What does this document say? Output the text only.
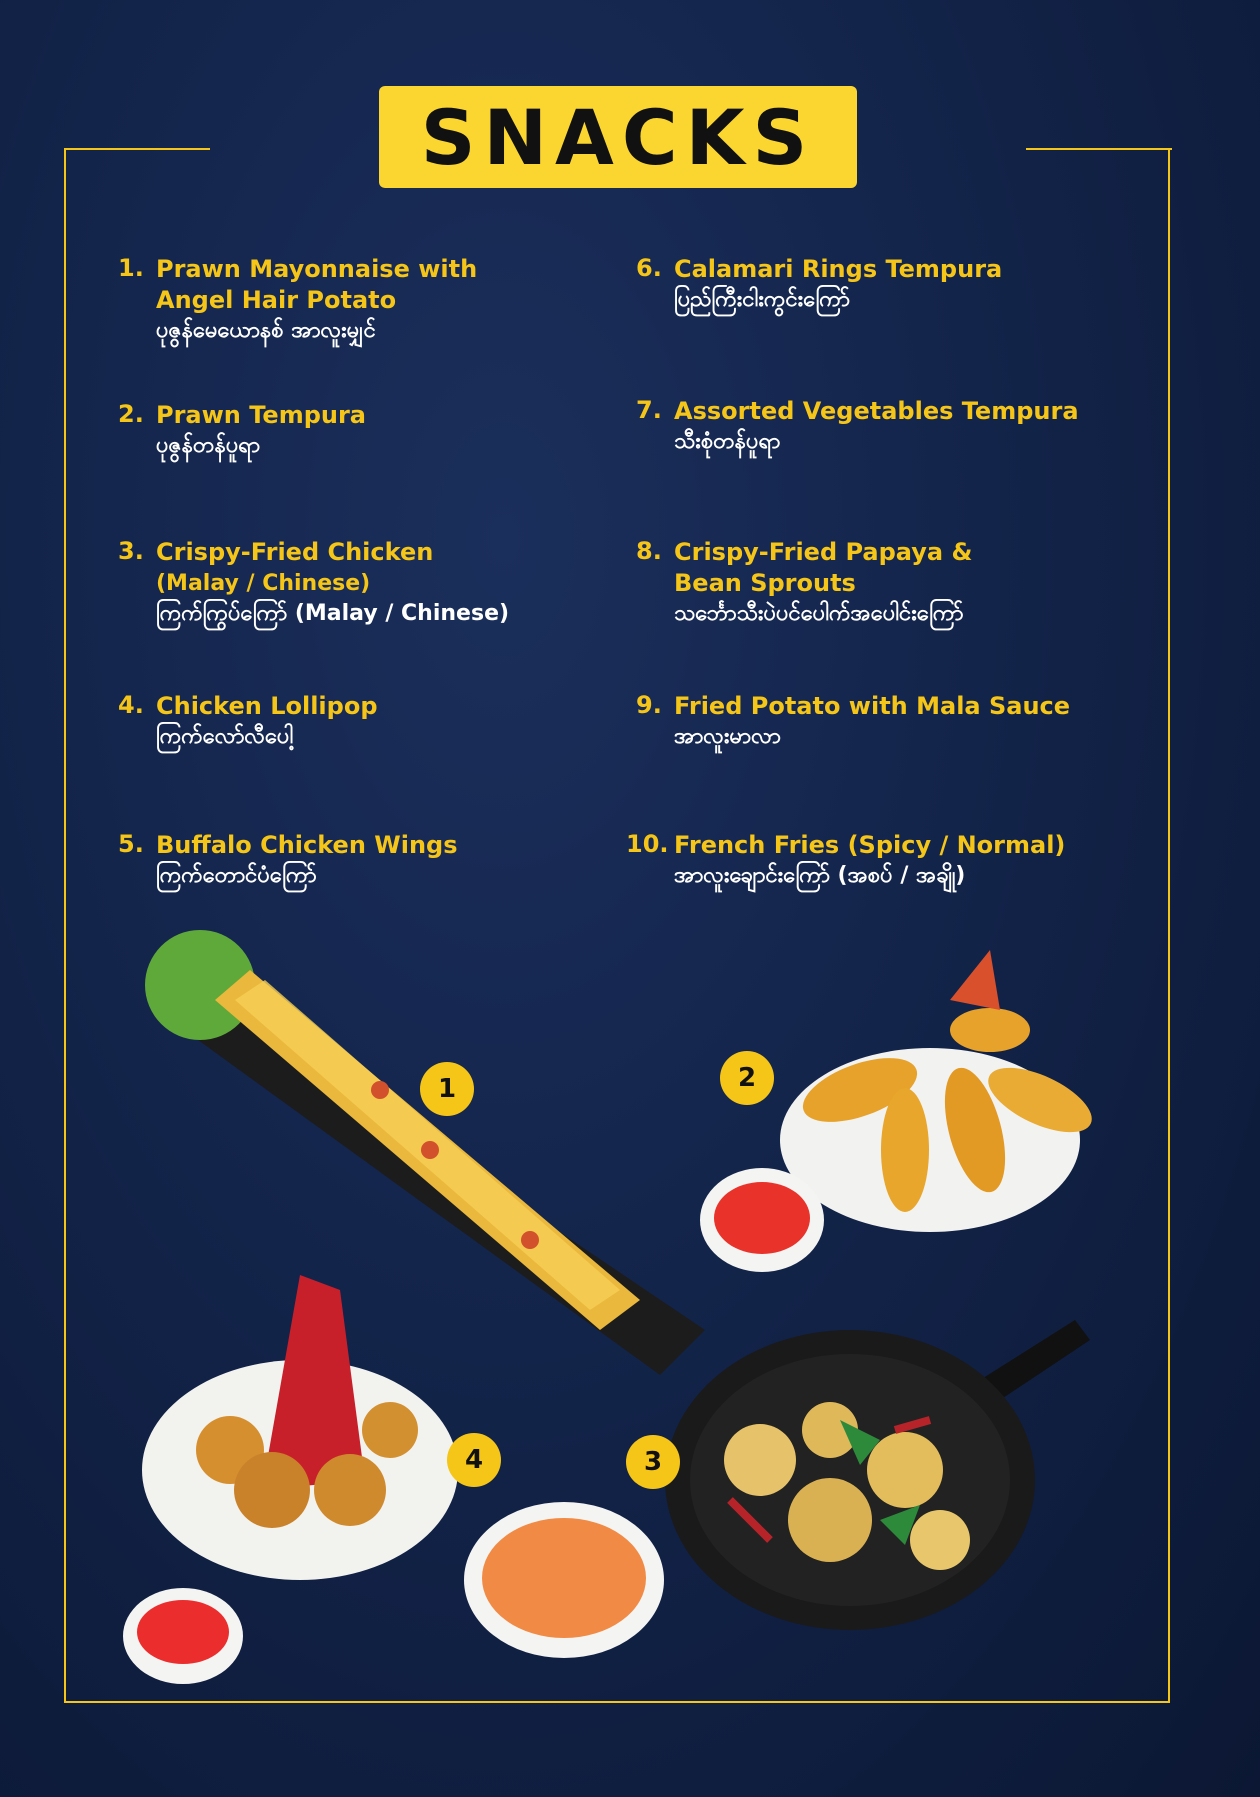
SNACKS
1. Prawn Mayonnaise with
Angel Hair Potato
ပုဇွန်မေယောနစ် အာလူးမျှင်
2. Prawn Tempura
ပုဇွန်တန်ပူရာ
3. Crispy-Fried Chicken
(Malay / Chinese)
ကြက်ကြွပ်ကြော် (Malay / Chinese)
4. Chicken Lollipop
ကြက်လော်လီပေါ့
5. Buffalo Chicken Wings
ကြက်တောင်ပံကြော်
6. Calamari Rings Tempura
ပြည်ကြီးငါးကွင်းကြော်
7. Assorted Vegetables Tempura
သီးစုံတန်ပူရာ
8. Crispy-Fried Papaya &
Bean Sprouts
သင်္ဘောသီးပဲပင်ပေါက်အပေါင်းကြော်
9. Fried Potato with Mala Sauce
အာလူးမာလာ
10. French Fries (Spicy / Normal)
အာလူးချောင်းကြော် (အစပ် / အချို)
1	2
3
4
